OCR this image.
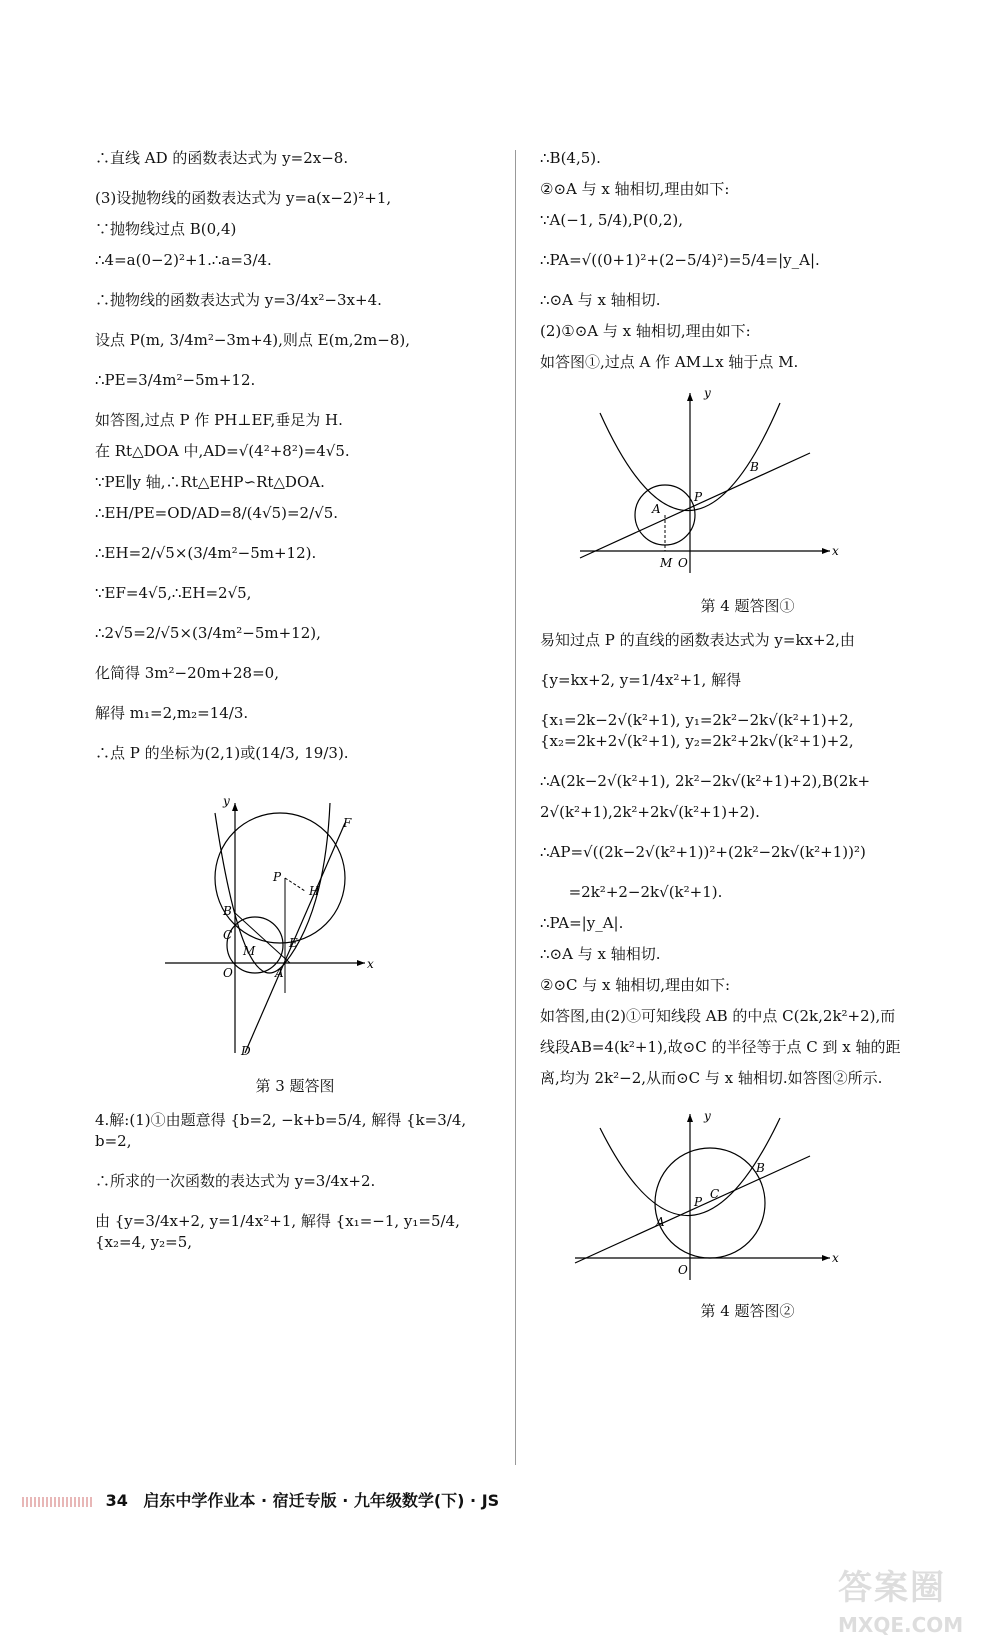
∴直线 AD 的函数表达式为 y=2x−8.
(3)设抛物线的函数表达式为 y=a(x−2)²+1,
∵抛物线过点 B(0,4)
∴4=a(0−2)²+1.∴a=3/4.
∴抛物线的函数表达式为 y=3/4x²−3x+4.
设点 P(m, 3/4m²−3m+4),则点 E(m,2m−8),
∴PE=3/4m²−5m+12.
如答图,过点 P 作 PH⊥EF,垂足为 H.
在 Rt△DOA 中,AD=√(4²+8²)=4√5.
∵PE∥y 轴,∴Rt△EHP∽Rt△DOA.
∴EH/PE=OD/AD=8/(4√5)=2/√5.
∴EH=2/√5×(3/4m²−5m+12).
∵EF=4√5,∴EH=2√5,
∴2√5=2/√5×(3/4m²−5m+12),
化简得 3m²−20m+28=0,
解得 m₁=2,m₂=14/3.
∴点 P 的坐标为(2,1)或(14/3, 19/3).
y
x
F
P
H
B
C
M
E
O	A
D
第 3 题答图
4.解:(1)①由题意得 {b=2, −k+b=5/4, 解得 {k=3/4, b=2,
∴所求的一次函数的表达式为 y=3/4x+2.
由 {y=3/4x+2, y=1/4x²+1, 解得 {x₁=−1, y₁=5/4, {x₂=4, y₂=5,
∴B(4,5).
②⊙A 与 x 轴相切,理由如下:
∵A(−1, 5/4),P(0,2),
∴PA=√((0+1)²+(2−5/4)²)=5/4=|y_A|.
∴⊙A 与 x 轴相切.
(2)①⊙A 与 x 轴相切,理由如下:
如答图①,过点 A 作 AM⊥x 轴于点 M.
y
x
B
P
A
M O
第 4 题答图①
易知过点 P 的直线的函数表达式为 y=kx+2,由
{y=kx+2, y=1/4x²+1, 解得
{x₁=2k−2√(k²+1), y₁=2k²−2k√(k²+1)+2, {x₂=2k+2√(k²+1), y₂=2k²+2k√(k²+1)+2,
∴A(2k−2√(k²+1), 2k²−2k√(k²+1)+2),B(2k+
2√(k²+1),2k²+2k√(k²+1)+2).
∴AP=√((2k−2√(k²+1))²+(2k²−2k√(k²+1))²)
=2k²+2−2k√(k²+1).
∴PA=|y_A|.
∴⊙A 与 x 轴相切.
②⊙C 与 x 轴相切,理由如下:
如答图,由(2)①可知线段 AB 的中点 C(2k,2k²+2),而
线段AB=4(k²+1),故⊙C 的半径等于点 C 到 x 轴的距
离,均为 2k²−2,从而⊙C 与 x 轴相切.如答图②所示.
y
x
B
P
C
A
O
第 4 题答图②
34 启东中学作业本 · 宿迁专版 · 九年级数学(下) · JS
答案圈
MXQE.COM
